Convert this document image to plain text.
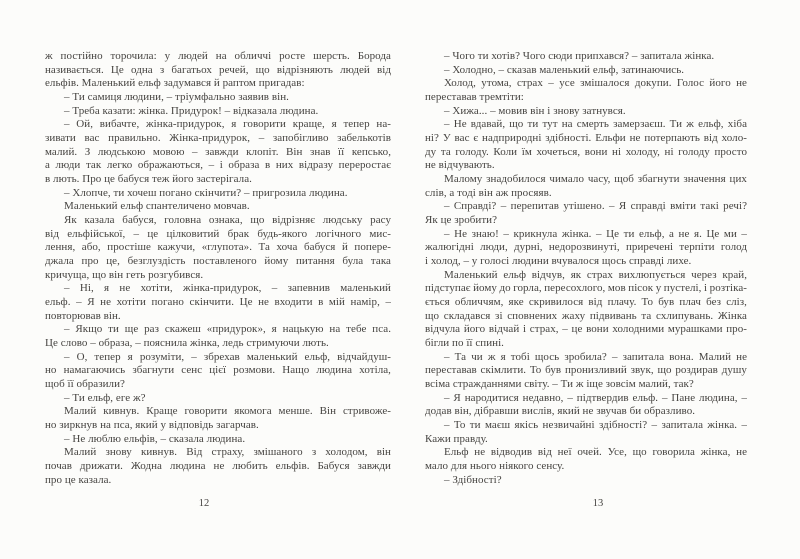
ж постійно торочила: у людей на обличчі росте шерсть. Борода
називається. Це одна з багатьох речей, що відрізняють людей від
ельфів. Маленький ельф задумався й раптом пригадав:
– Ти самиця людини, – тріумфально заявив він.
– Треба казати: жінка. Придурок! – відказала людина.
– Ой, вибачте, жінка-придурок, я говорити краще, я тепер на-
зивати вас правильно. Жінка-придурок, – запобігливо забелькотів
малий. З людською мовою – завжди клопіт. Він знав її кепсько,
а люди так легко ображаються, – і образа в них відразу переростає
в лють. Про це бабуся теж його застерігала.
– Хлопче, ти хочеш погано скінчити? – пригрозила людина.
Маленький ельф спантеличено мовчав.
Як казала бабуся, головна ознака, що відрізняє людську расу
від ельфійської, – це цілковитий брак будь-якого логічного мис-
лення, або, простіше кажучи, «глупота». Та хоча бабуся й попере-
джала про це, безглуздість поставленого йому питання була така
кричуща, що він геть розгубився.
– Ні, я не хотіти, жінка-придурок, – запевнив маленький
ельф. – Я не хотіти погано скінчити. Це не входити в мій намір, –
повторював він.
– Якщо ти ще раз скажеш «придурок», я нацькую на тебе пса.
Це слово – образа, – пояснила жінка, ледь стримуючи лють.
– О, тепер я розуміти, – збрехав маленький ельф, відчайдуш-
но намагаючись збагнути сенс цієї розмови. Нащо людина хотіла,
щоб її образили?
– Ти ельф, еге ж?
Малий кивнув. Краще говорити якомога менше. Він стривоже-
но зиркнув на пса, який у відповідь загарчав.
– Не люблю ельфів, – сказала людина.
Малий знову кивнув. Від страху, змішаного з холодом, він
почав дрижати. Жодна людина не любить ельфів. Бабуся завжди
про це казала.
– Чого ти хотів? Чого сюди припхався? – запитала жінка.
– Холодно, – сказав маленький ельф, затинаючись.
Холод, утома, страх – усе змішалося докупи. Голос його не
переставав тремтіти:
– Хижа... – мовив він і знову затнувся.
– Не вдавай, що ти тут на смерть замерзаєш. Ти ж ельф, хіба
ні? У вас є надприродні здібності. Ельфи не потерпають від холо-
ду та голоду. Коли їм хочеться, вони ні холоду, ні голоду просто
не відчувають.
Малому знадобилося чимало часу, щоб збагнути значення цих
слів, а тоді він аж просяяв.
– Справді? – перепитав утішено. – Я справді вміти такі речі?
Як це зробити?
– Не знаю! – крикнула жінка. – Це ти ельф, а не я. Це ми –
жалюгідні люди, дурні, недорозвинуті, приречені терпіти голод
і холод, – у голосі людини вчувалося щось справді лихе.
Маленький ельф відчув, як страх вихлюпується через край,
підступає йому до горла, пересохлого, мов пісок у пустелі, і розтіка-
ється обличчям, яке скривилося від плачу. То був плач без сліз,
що складався зі сповнених жаху підвивань та схлипувань. Жінка
відчула його відчай і страх, – це вони холодними мурашками про-
бігли по її спині.
– Та чи ж я тобі щось зробила? – запитала вона. Малий не
переставав скімлити. То був пронизливий звук, що роздирав душу
всіма стражданнями світу. – Ти ж іще зовсім малий, так?
– Я народитися недавно, – підтвердив ельф. – Пане людина, –
додав він, дібравши вислів, який не звучав би образливо.
– То ти маєш якісь незвичайні здібності? – запитала жінка. –
Кажи правду.
Ельф не відводив від неї очей. Усе, що говорила жінка, не
мало для нього ніякого сенсу.
– Здібності?
12	13
